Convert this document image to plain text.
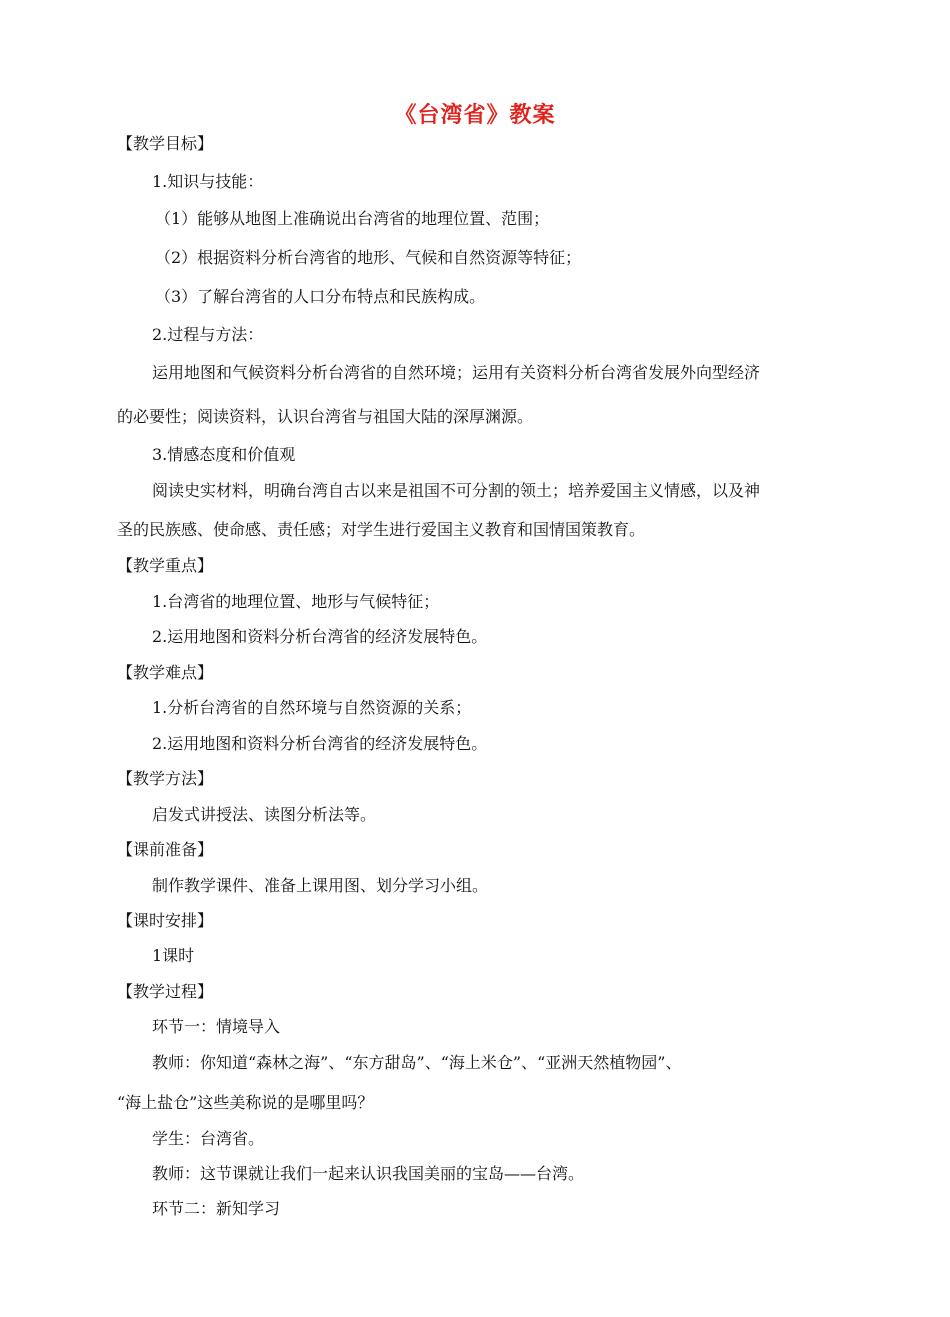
《台湾省》教案
【教学目标】
1.知识与技能：
（1）能够从地图上准确说出台湾省的地理位置、范围；
（2）根据资料分析台湾省的地形、气候和自然资源等特征；
（3）了解台湾省的人口分布特点和民族构成。
2.过程与方法：
运用地图和气候资料分析台湾省的自然环境；运用有关资料分析台湾省发展外向型经济
的必要性；阅读资料，认识台湾省与祖国大陆的深厚渊源。
3.情感态度和价值观
阅读史实材料，明确台湾自古以来是祖国不可分割的领土；培养爱国主义情感，以及神
圣的民族感、使命感、责任感；对学生进行爱国主义教育和国情国策教育。
【教学重点】
1.台湾省的地理位置、地形与气候特征；
2.运用地图和资料分析台湾省的经济发展特色。
【教学难点】
1.分析台湾省的自然环境与自然资源的关系；
2.运用地图和资料分析台湾省的经济发展特色。
【教学方法】
启发式讲授法、读图分析法等。
【课前准备】
制作教学课件、准备上课用图、划分学习小组。
【课时安排】
1课时
【教学过程】
环节一：情境导入
教师：你知道“森林之海”、“东方甜岛”、“海上米仓”、“亚洲天然植物园”、
“海上盐仓”这些美称说的是哪里吗？
学生：台湾省。
教师：这节课就让我们一起来认识我国美丽的宝岛——台湾。
环节二：新知学习
